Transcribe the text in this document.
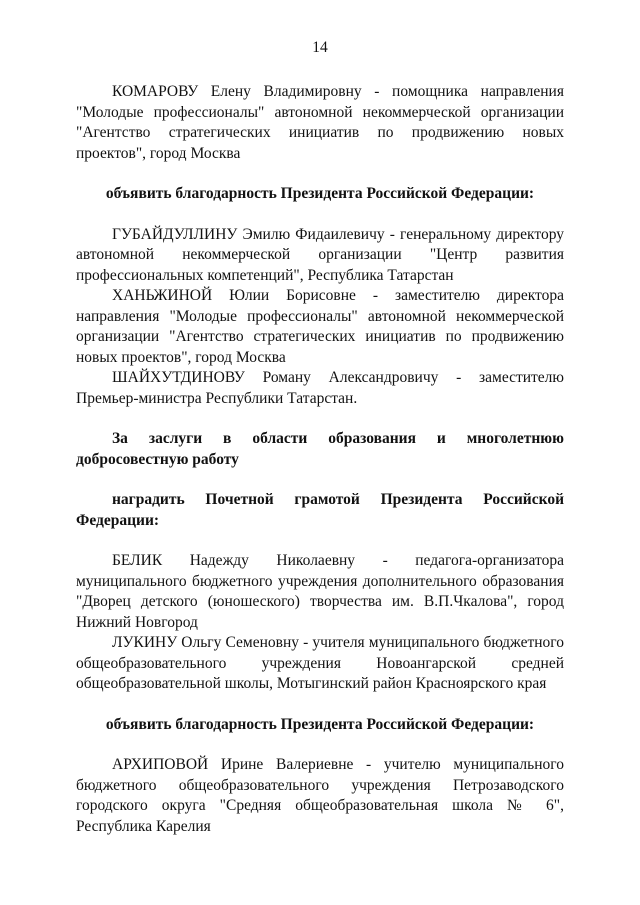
14

КОМАРОВУ Елену Владимировну - помощника направления "Молодые профессионалы" автономной некоммерческой организации "Агентство стратегических инициатив по продвижению новых проектов", город Москва

объявить благодарность Президента Российской Федерации:

ГУБАЙДУЛЛИНУ Эмилю Фидаилевичу - генеральному директору автономной некоммерческой организации "Центр развития профессиональных компетенций", Республика Татарстан

ХАНЬЖИНОЙ Юлии Борисовне - заместителю директора направления "Молодые профессионалы" автономной некоммерческой организации "Агентство стратегических инициатив по продвижению новых проектов", город Москва

ШАЙХУТДИНОВУ Роману Александровичу - заместителю Премьер-министра Республики Татарстан.

За заслуги в области образования и многолетнюю добросовестную работу

наградить Почетной грамотой Президента Российской Федерации:

БЕЛИК Надежду Николаевну - педагога-организатора муниципального бюджетного учреждения дополнительного образования "Дворец детского (юношеского) творчества им. В.П.Чкалова", город Нижний Новгород

ЛУКИНУ Ольгу Семеновну - учителя муниципального бюджетного общеобразовательного учреждения Новоангарской средней общеобразовательной школы, Мотыгинский район Красноярского края

объявить благодарность Президента Российской Федерации:

АРХИПОВОЙ Ирине Валериевне - учителю муниципального бюджетного общеобразовательного учреждения Петрозаводского городского округа "Средняя общеобразовательная школа № 6", Республика Карелия
